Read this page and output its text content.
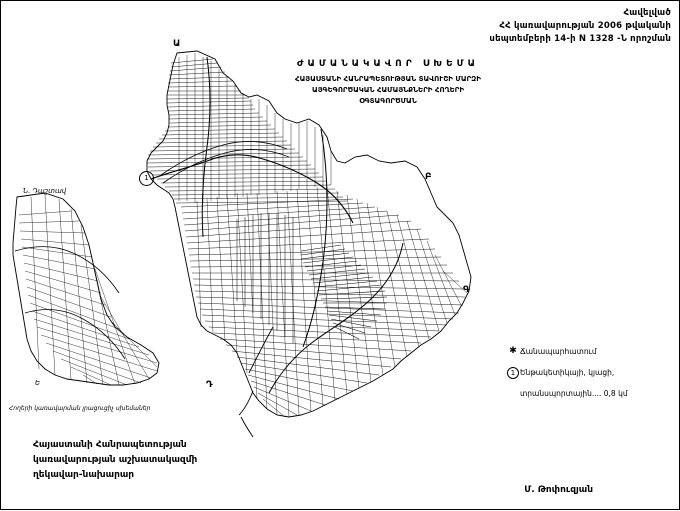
Հավելված
ՀՀ կառավարության 2006 թվականի
սեպտեմբերի 14-ի N 1328 -Ն որոշման
ԺԱՄԱՆԱԿԱՎՈՐ ՍԽԵՄԱ
ՀԱՅԱՍՏԱՆԻ ՀԱՆՐԱՊԵՏՈՒԹՅԱՆ ՏԱՎՈՒՇԻ ՄԱՐԶԻ
ԱՅԳԵԳՈՐԾԱԿԱՆ ՀԱՄԱՅՆՔՆԵՐԻ ՀՈՂԵՐԻ
ՕԳՏԱԳՈՐԾՄԱՆ
Ա
Բ
Գ
Դ
1
Ն. Դաշտավ
Ե
Հողերի կառավարման լրացուցիչ սխեմաներ
✱ Ճանապարհատում
1 Ենթակետիկայի, կյացի,
տրանսպորտային.... 0,8 կմ
Հայաստանի Հանրապետության
կառավարության աշխատակազմի
ղեկավար-նախարար
Մ. Թոփուզյան
